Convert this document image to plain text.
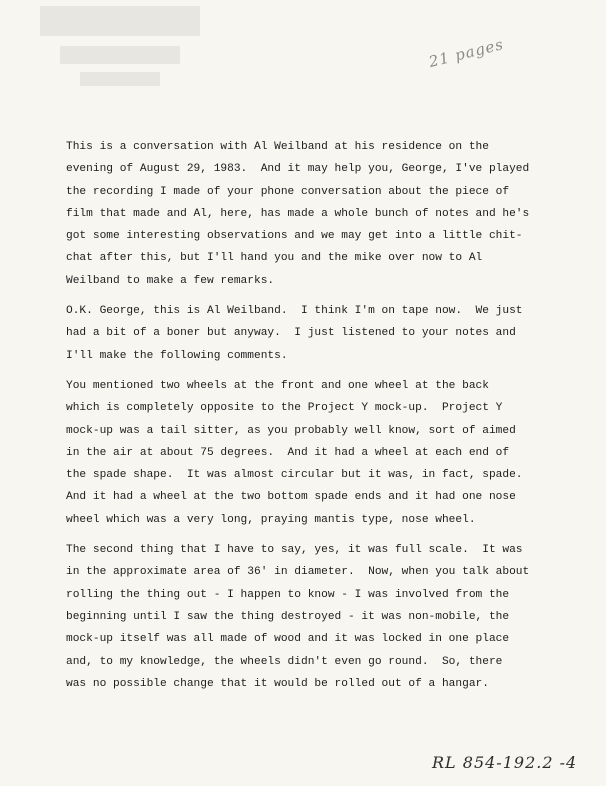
21 pages

This is a conversation with Al Weilband at his residence on the
evening of August 29, 1983.  And it may help you, George, I've played
the recording I made of your phone conversation about the piece of
film that made and Al, here, has made a whole bunch of notes and he's
got some interesting observations and we may get into a little chit-
chat after this, but I'll hand you and the mike over now to Al
Weilband to make a few remarks.

O.K. George, this is Al Weilband.  I think I'm on tape now.  We just
had a bit of a boner but anyway.  I just listened to your notes and
I'll make the following comments.

You mentioned two wheels at the front and one wheel at the back
which is completely opposite to the Project Y mock-up.  Project Y
mock-up was a tail sitter, as you probably well know, sort of aimed
in the air at about 75 degrees.  And it had a wheel at each end of
the spade shape.  It was almost circular but it was, in fact, spade.
And it had a wheel at the two bottom spade ends and it had one nose
wheel which was a very long, praying mantis type, nose wheel.

The second thing that I have to say, yes, it was full scale.  It was
in the approximate area of 36' in diameter.  Now, when you talk about
rolling the thing out - I happen to know - I was involved from the
beginning until I saw the thing destroyed - it was non-mobile, the
mock-up itself was all made of wood and it was locked in one place
and, to my knowledge, the wheels didn't even go round.  So, there
was no possible change that it would be rolled out of a hangar.

RL 854-192.2 -4
